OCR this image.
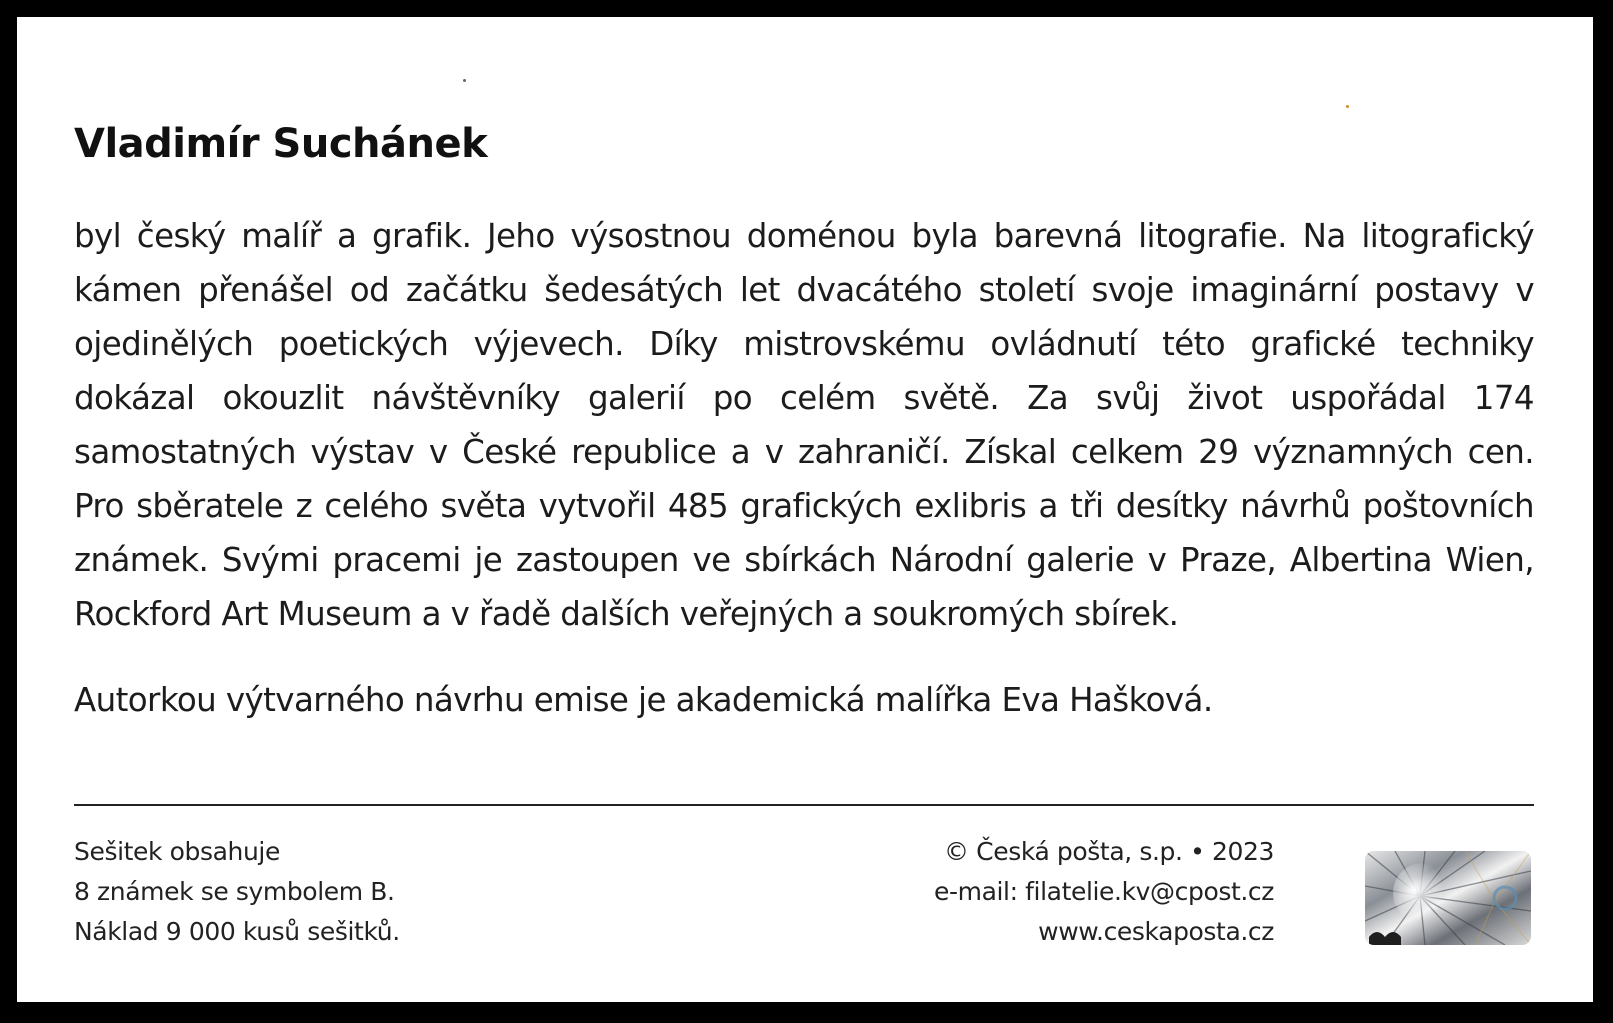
Vladimír Suchánek

byl český malíř a grafik. Jeho výsostnou doménou byla barevná litografie. Na litografický kámen přenášel od začátku šedesátých let dvacátého století svoje imaginární postavy v ojedinělých poetických výjevech. Díky mistrovskému ovládnutí této grafické techniky dokázal okouzlit návštěvníky galerií po celém světě. Za svůj život uspořádal 174 samostatných výstav v České republice a v zahraničí. Získal celkem 29 významných cen. Pro sběratele z celého světa vytvořil 485 grafických exlibris a tři desítky návrhů poštovních známek. Svými pracemi je zastoupen ve sbírkách Národní galerie v Praze, Albertina Wien, Rockford Art Museum a v řadě dalších veřejných a soukromých sbírek.

Autorkou výtvarného návrhu emise je akademická malířka Eva Hašková.

Sešitek obsahuje
8 známek se symbolem B.
Náklad 9 000 kusů sešitků.
© Česká pošta, s.p. • 2023
e-mail: filatelie.kv@cpost.cz
www.ceskaposta.cz
